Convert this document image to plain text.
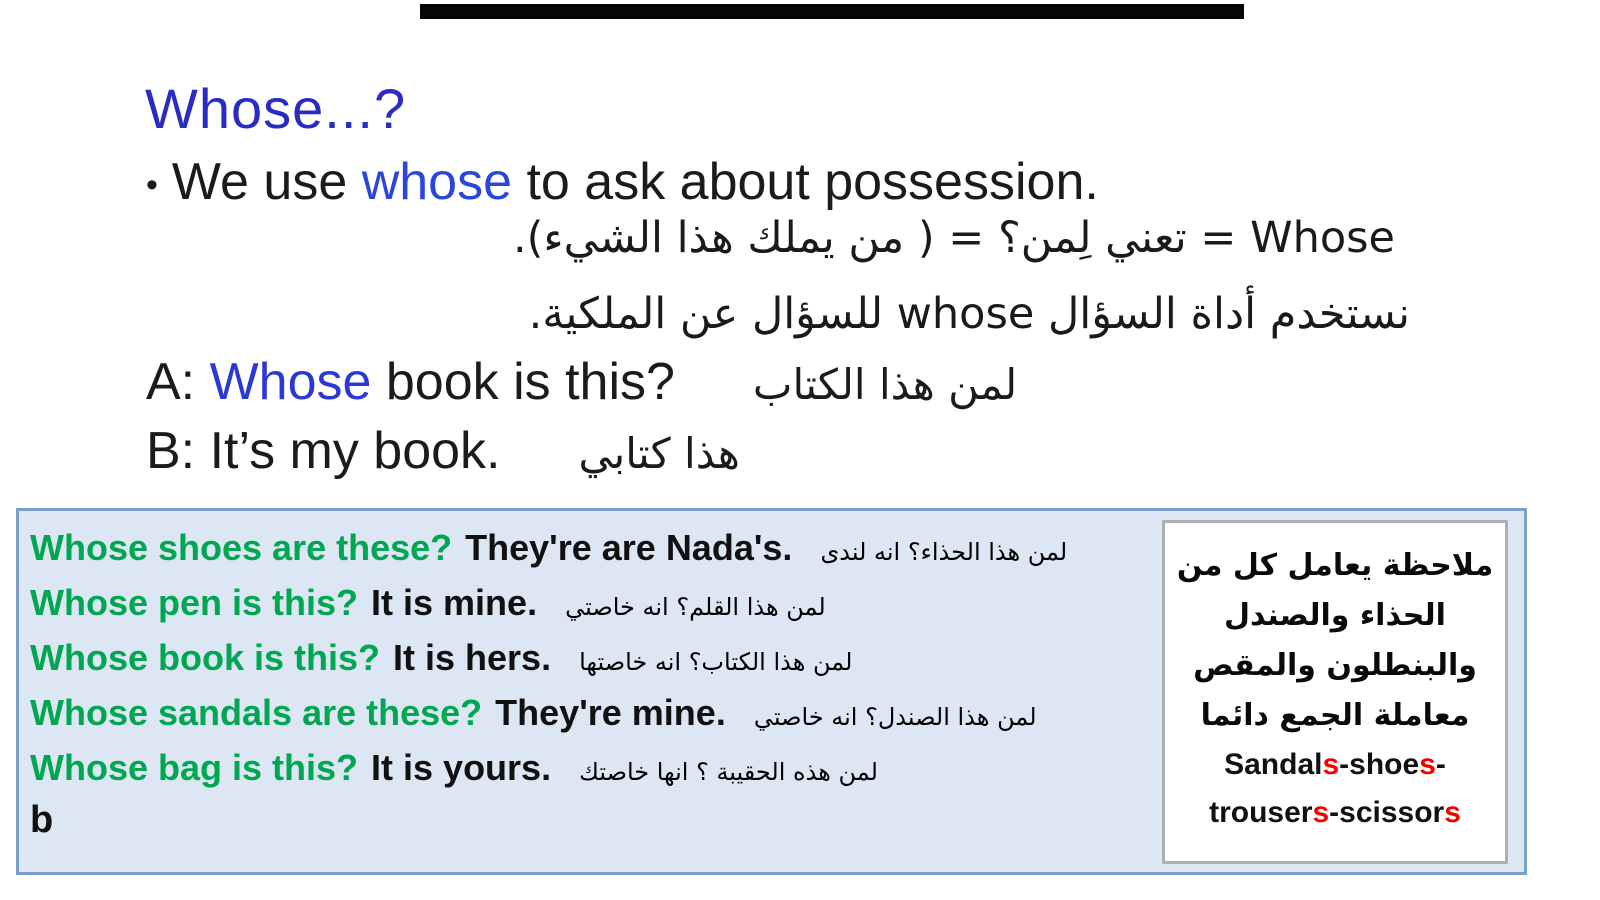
Whose...?
• We use whose to ask about possession.
Whose = تعني لِمن؟ = ( من يملك هذا الشيء).
نستخدم أداة السؤال whose للسؤال عن الملكية.
A: Whose book is this? لمن هذا الكتاب
B: It’s my book. هذا كتابي
Whose shoes are these? They're are Nada's. لمن هذا الحذاء؟ انه لندى
Whose pen is this? It is mine. لمن هذا القلم؟ انه خاصتي
Whose book is this? It is hers. لمن هذا الكتاب؟ انه خاصتها
Whose sandals are these? They're mine. لمن هذا الصندل؟ انه خاصتي
Whose bag is this? It is yours. لمن هذه الحقيبة ؟ انها خاصتك
b
ملاحظة يعامل كل من
الحذاء والصندل
والبنطلون والمقص
معاملة الجمع دائما
Sandals-shoes-
trousers-scissors
